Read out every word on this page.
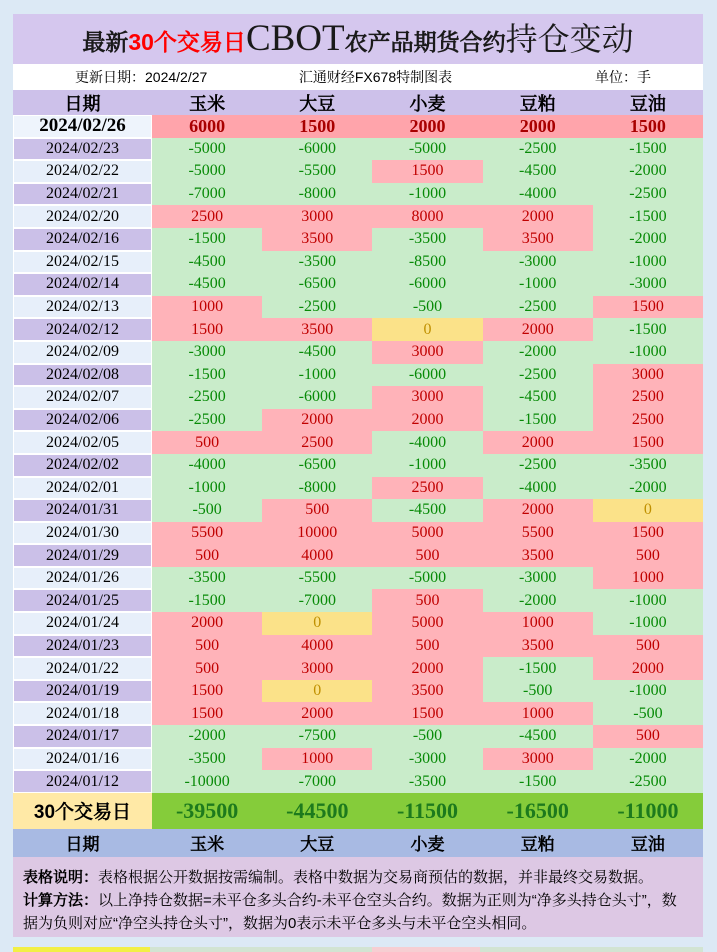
最新 30个交易日 CBOT 农产品期货合约 持仓变动
更新日期：2024/2/27	汇通财经FX678特制图表	单位：手
日期	玉米	大豆	小麦	豆粕	豆油
2024/02/26	6000	1500	2000	2000	1500
2024/02/23	-5000	-6000	-5000	-2500	-1500
2024/02/22	-5000	-5500	1500	-4500	-2000
2024/02/21	-7000	-8000	-1000	-4000	-2500
2024/02/20	2500	3000	8000	2000	-1500
2024/02/16	-1500	3500	-3500	3500	-2000
2024/02/15	-4500	-3500	-8500	-3000	-1000
2024/02/14	-4500	-6500	-6000	-1000	-3000
2024/02/13	1000	-2500	-500	-2500	1500
2024/02/12	1500	3500	0	2000	-1500
2024/02/09	-3000	-4500	3000	-2000	-1000
2024/02/08	-1500	-1000	-6000	-2500	3000
2024/02/07	-2500	-6000	3000	-4500	2500
2024/02/06	-2500	2000	2000	-1500	2500
2024/02/05	500	2500	-4000	2000	1500
2024/02/02	-4000	-6500	-1000	-2500	-3500
2024/02/01	-1000	-8000	2500	-4000	-2000
2024/01/31	-500	500	-4500	2000	0
2024/01/30	5500	10000	5000	5500	1500
2024/01/29	500	4000	500	3500	500
2024/01/26	-3500	-5500	-5000	-3000	1000
2024/01/25	-1500	-7000	500	-2000	-1000
2024/01/24	2000	0	5000	1000	-1000
2024/01/23	500	4000	500	3500	500
2024/01/22	500	3000	2000	-1500	2000
2024/01/19	1500	0	3500	-500	-1000
2024/01/18	1500	2000	1500	1000	-500
2024/01/17	-2000	-7500	-500	-4500	500
2024/01/16	-3500	1000	-3000	3000	-2000
2024/01/12	-10000	-7000	-3500	-1500	-2500
30个交易日	-39500	-44500	-11500	-16500	-11000
日期	玉米	大豆	小麦	豆粕	豆油

表格说明：表格根据公开数据按需编制。表格中数据为交易商预估的数据，并非最终交易数据。

计算方法：以上净持仓数据=未平仓多头合约-未平仓空头合约。数据为正则为“净多头持仓头寸”，数据为负则对应“净空头持仓头寸”，数据为0表示未平仓多头与未平仓空头相同。
